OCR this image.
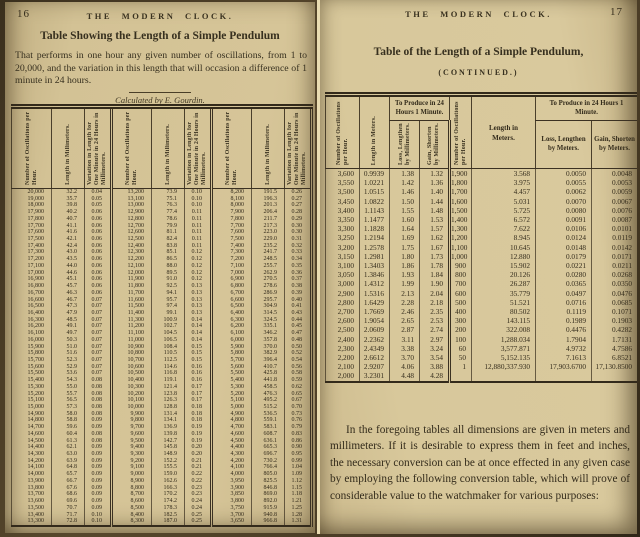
16	THE MODERN CLOCK.
Table Showing the Length of a Simple Pendulum

That performs in one hour any given number of oscillations, from 1 to 20,000, and the variation in this length that will occasion a difference of 1 minute in 24 hours.

Calculated by E. Gourdin.
Number of Oscillations per Hour.	Length in Millimeters.	Variation in Length for One Minute in 24 Hours in Millimeters.	Number of Oscillations per Hour.	Length in Millimeters.	Variation in Length for One Minute in 24 Hours in Millimeters.	Number of Oscillations per Hour.	Length in Millimeters.	Variation in Length for One Minute in 24 Hours in Millimeters.

20,000	32.2	0.04	13,200	73.9	0.10	8,200	191.5	0.26
19,000	35.7	0.05	13,100	75.1	0.10	8,100	196.3	0.27
18,000	39.8	0.05	13,000	76.3	0.10	8,000	201.3	0.27
17,900	40.2	0.06	12,900	77.4	0.11	7,900	206.4	0.28
17,800	40.7	0.06	12,800	78.6	0.11	7,800	211.7	0.29
17,700	41.1	0.06	12,700	79.9	0.11	7,700	217.3	0.30
17,600	41.6	0.06	12,600	81.1	0.11	7,600	223.0	0.30
17,500	42.1	0.06	12,500	82.4	0.11	7,500	229.0	0.31
17,400	42.4	0.06	12,400	83.8	0.11	7,400	235.2	0.32
17,300	43.0	0.06	12,300	85.1	0.12	7,300	241.7	0.33
17,200	43.5	0.06	12,200	86.5	0.12	7,200	248.5	0.34
17,100	44.0	0.06	12,100	88.0	0.12	7,100	255.7	0.35
17,000	44.6	0.06	12,000	89.5	0.12	7,000	262.9	0.36
16,900	45.1	0.06	11,900	91.0	0.12	6,900	270.5	0.37
16,800	45.7	0.06	11,800	92.5	0.13	6,800	278.6	0.38
16,700	46.3	0.06	11,700	94.1	0.13	6,700	286.9	0.39
16,600	46.7	0.07	11,600	95.7	0.13	6,600	295.7	0.40
16,500	47.3	0.07	11,500	97.4	0.13	6,500	304.9	0.41
16,400	47.9	0.07	11,400	99.1	0.13	6,400	314.5	0.43
16,300	48.5	0.07	11,300	100.9	0.14	6,300	324.5	0.44
16,200	49.1	0.07	11,200	102.7	0.14	6,200	335.1	0.45
16,100	49.7	0.07	11,100	104.5	0.14	6,100	346.2	0.47
16,000	50.3	0.07	11,000	106.5	0.14	6,000	357.8	0.48
15,900	51.0	0.07	10,900	108.4	0.15	5,900	370.0	0.50
15,800	51.6	0.07	10,800	110.5	0.15	5,800	382.9	0.52
15,700	52.3	0.07	10,700	112.5	0.15	5,700	396.4	0.54
15,600	52.9	0.07	10,600	114.6	0.16	5,600	410.7	0.56
15,500	53.6	0.07	10,500	116.8	0.16	5,500	425.8	0.58
15,400	54.3	0.08	10,400	119.1	0.16	5,400	441.8	0.59
15,300	55.0	0.08	10,300	121.4	0.17	5,300	458.5	0.62
15,200	55.7	0.08	10,200	123.8	0.17	5,200	476.3	0.65
15,100	56.5	0.08	10,100	126.3	0.17	5,100	495.2	0.67
15,000	57.3	0.08	10,000	128.8	0.18	5,000	515.2	0.70
14,900	58.0	0.08	9,900	131.4	0.18	4,900	536.5	0.73
14,800	58.8	0.09	9,800	134.1	0.18	4,800	559.1	0.76
14,700	59.6	0.09	9,700	136.9	0.19	4,700	583.1	0.79
14,600	60.4	0.08	9,600	139.8	0.19	4,600	608.7	0.83
14,500	61.3	0.08	9,500	142.7	0.19	4,500	636.1	0.86
14,400	62.1	0.09	9,400	145.8	0.20	4,400	665.3	0.90
14,300	63.0	0.09	9,300	148.9	0.20	4,300	696.7	0.95
14,200	63.9	0.09	9,200	152.2	0.21	4,200	730.2	0.99
14,100	64.8	0.09	9,100	155.5	0.21	4,100	766.4	1.04
14,000	65.7	0.09	9,000	159.0	0.22	4,000	805.0	1.09
13,900	66.7	0.09	8,900	162.6	0.22	3,950	825.5	1.12
13,800	67.6	0.09	8,800	166.3	0.23	3,900	846.8	1.15
13,700	68.6	0.09	8,700	170.2	0.23	3,850	869.0	1.18
13,600	69.6	0.09	8,600	174.2	0.24	3,800	892.0	1.21
13,500	70.7	0.09	8,500	178.3	0.24	3,750	915.9	1.25
13,400	71.7	0.10	8,400	182.5	0.25	3,700	940.8	1.28
13,300	72.8	0.10	8,300	187.0	0.25	3,650	966.8	1.31
17
THE MODERN CLOCK.
Table of the Length of a Simple Pendulum,
(CONTINUED.)
Number of Oscillations per Hour.	Length in Meters.	To Produce in 24 Hours 1 Minute.		Number of Oscillations per Hour.	Length in Meters.	To Produce in 24 Hours 1 Minute.	

		Loss, Lengthen by Millimeters.	Gain, Shorten by Millimeters.			Loss, Lengthen by Meters.	Gain, Shorten by Meters.

3,600	0.9939	1.38	1.32	1,900	3.568	0.0050	0.0048
3,550	1.0221	1.42	1.36	1,800	3.975	0.0055	0.0053
3,500	1.0515	1.46	1.40	1,700	4.457	0.0062	0.0059
3,450	1.0822	1.50	1.44	1,600	5.031	0.0070	0.0067
3,400	1.1143	1.55	1.48	1,500	5.725	0.0080	0.0076
3,350	1.1477	1.60	1.53	1,400	6.572	0.0091	0.0087
3,300	1.1828	1.64	1.57	1,300	7.622	0.0106	0.0101
3,250	1.2194	1.69	1.62	1,200	8.945	0.0124	0.0119
3,200	1.2578	1.75	1.67	1,100	10.645	0.0148	0.0142
3,150	1.2981	1.80	1.73	1,000	12.880	0.0179	0.0171
3,100	1.3403	1.86	1.78	900	15.902	0.0221	0.0211
3,050	1.3846	1.93	1.84	800	20.126	0.0280	0.0268
3,000	1.4312	1.99	1.90	700	26.287	0.0365	0.0350
2,900	1.5316	2.13	2.04	600	35.779	0.0497	0.0476
2,800	1.6429	2.28	2.18	500	51.521	0.0716	0.0685
2,700	1.7669	2.46	2.35	400	80.502	0.1119	0.1071
2,600	1.9054	2.65	2.53	300	143.115	0.1989	0.1903
2,500	2.0609	2.87	2.74	200	322.008	0.4476	0.4282
2,400	2.2362	3.11	2.97	100	1,288.034	1.7904	1.7131
2,300	2.4349	3.38	3.24	60	3,577.871	4.9732	4.7586
2,200	2.6612	3.70	3.54	50	5,152.135	7.1613	6.8521
2,100	2.9207	4.06	3.88	1	12,880,337.930	17,903.6700	17,130.8500
2,000	3.2301	4.48	4.28				

In the foregoing tables all dimensions are given in meters and millimeters. If it is desirable to express them in feet and inches, the necessary conversion can be at once effected in any given case by employing the following conversion table, which will prove of considerable value to the watchmaker for various purposes:
